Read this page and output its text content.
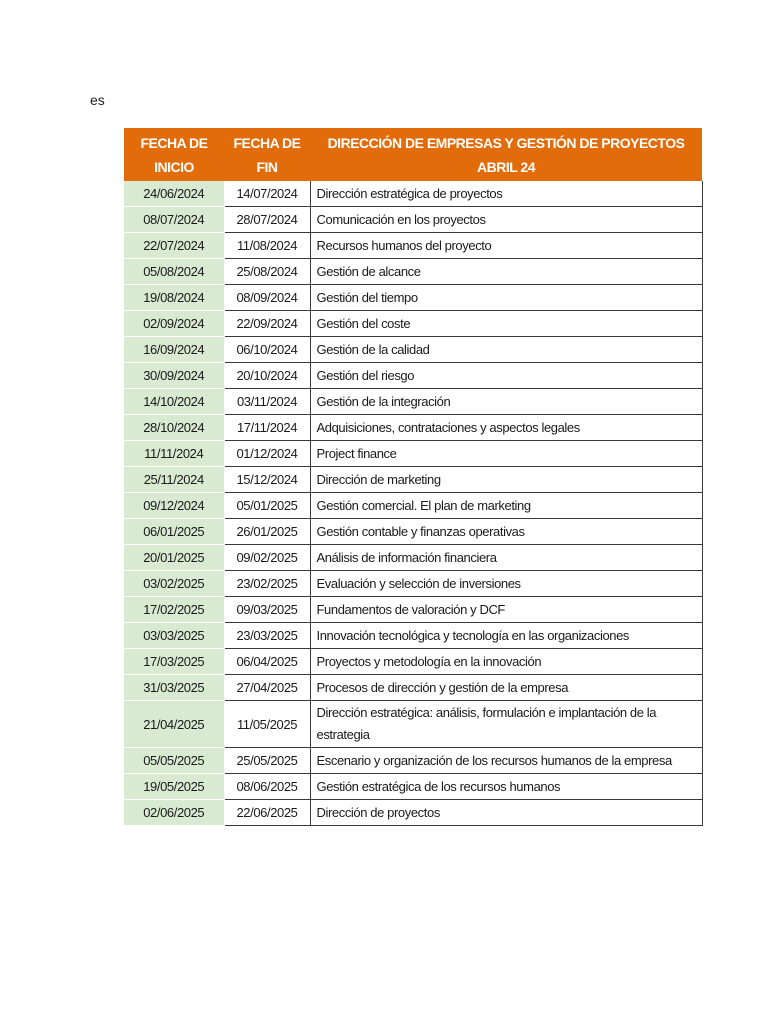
es
FECHA DE INICIO	FECHA DE FIN	DIRECCIÓN DE EMPRESAS Y GESTIÓN DE PROYECTOS ABRIL 24
24/06/2024	14/07/2024	Dirección estratégica de proyectos
08/07/2024	28/07/2024	Comunicación en los proyectos
22/07/2024	11/08/2024	Recursos humanos del proyecto
05/08/2024	25/08/2024	Gestión de alcance
19/08/2024	08/09/2024	Gestión del tiempo
02/09/2024	22/09/2024	Gestión del coste
16/09/2024	06/10/2024	Gestión de la calidad
30/09/2024	20/10/2024	Gestión del riesgo
14/10/2024	03/11/2024	Gestión de la integración
28/10/2024	17/11/2024	Adquisiciones, contrataciones y aspectos legales
11/11/2024	01/12/2024	Project finance
25/11/2024	15/12/2024	Dirección de marketing
09/12/2024	05/01/2025	Gestión comercial. El plan de marketing
06/01/2025	26/01/2025	Gestión contable y finanzas operativas
20/01/2025	09/02/2025	Análisis de información financiera
03/02/2025	23/02/2025	Evaluación y selección de inversiones
17/02/2025	09/03/2025	Fundamentos de valoración y DCF
03/03/2025	23/03/2025	Innovación tecnológica y tecnología en las organizaciones
17/03/2025	06/04/2025	Proyectos y metodología en la innovación
31/03/2025	27/04/2025	Procesos de dirección y gestión de la empresa
21/04/2025	11/05/2025	Dirección estratégica: análisis, formulación e implantación de la estrategia
05/05/2025	25/05/2025	Escenario y organización de los recursos humanos de la empresa
19/05/2025	08/06/2025	Gestión estratégica de los recursos humanos
02/06/2025	22/06/2025	Dirección de proyectos
